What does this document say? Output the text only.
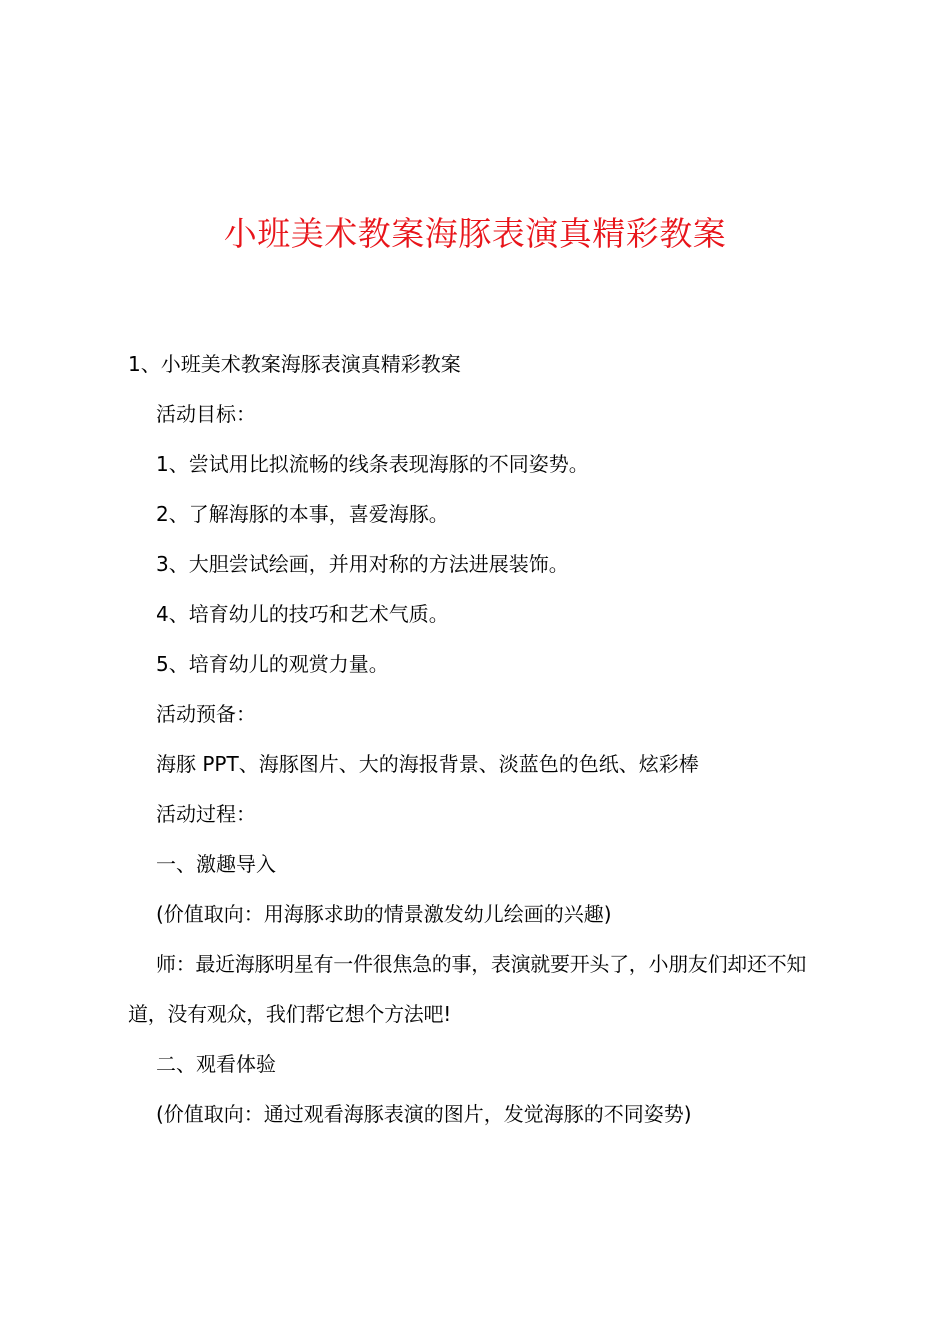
小班美术教案海豚表演真精彩教案

1、小班美术教案海豚表演真精彩教案

活动目标：

1、尝试用比拟流畅的线条表现海豚的不同姿势。

2、了解海豚的本事，喜爱海豚。

3、大胆尝试绘画，并用对称的方法进展装饰。

4、培育幼儿的技巧和艺术气质。

5、培育幼儿的观赏力量。

活动预备：

海豚 PPT、海豚图片、大的海报背景、淡蓝色的色纸、炫彩棒

活动过程：

一、激趣导入

(价值取向：用海豚求助的情景激发幼儿绘画的兴趣)

师：最近海豚明星有一件很焦急的事，表演就要开头了，小朋友们却还不知道，没有观众，我们帮它想个方法吧!

二、观看体验

(价值取向：通过观看海豚表演的图片，发觉海豚的不同姿势)
